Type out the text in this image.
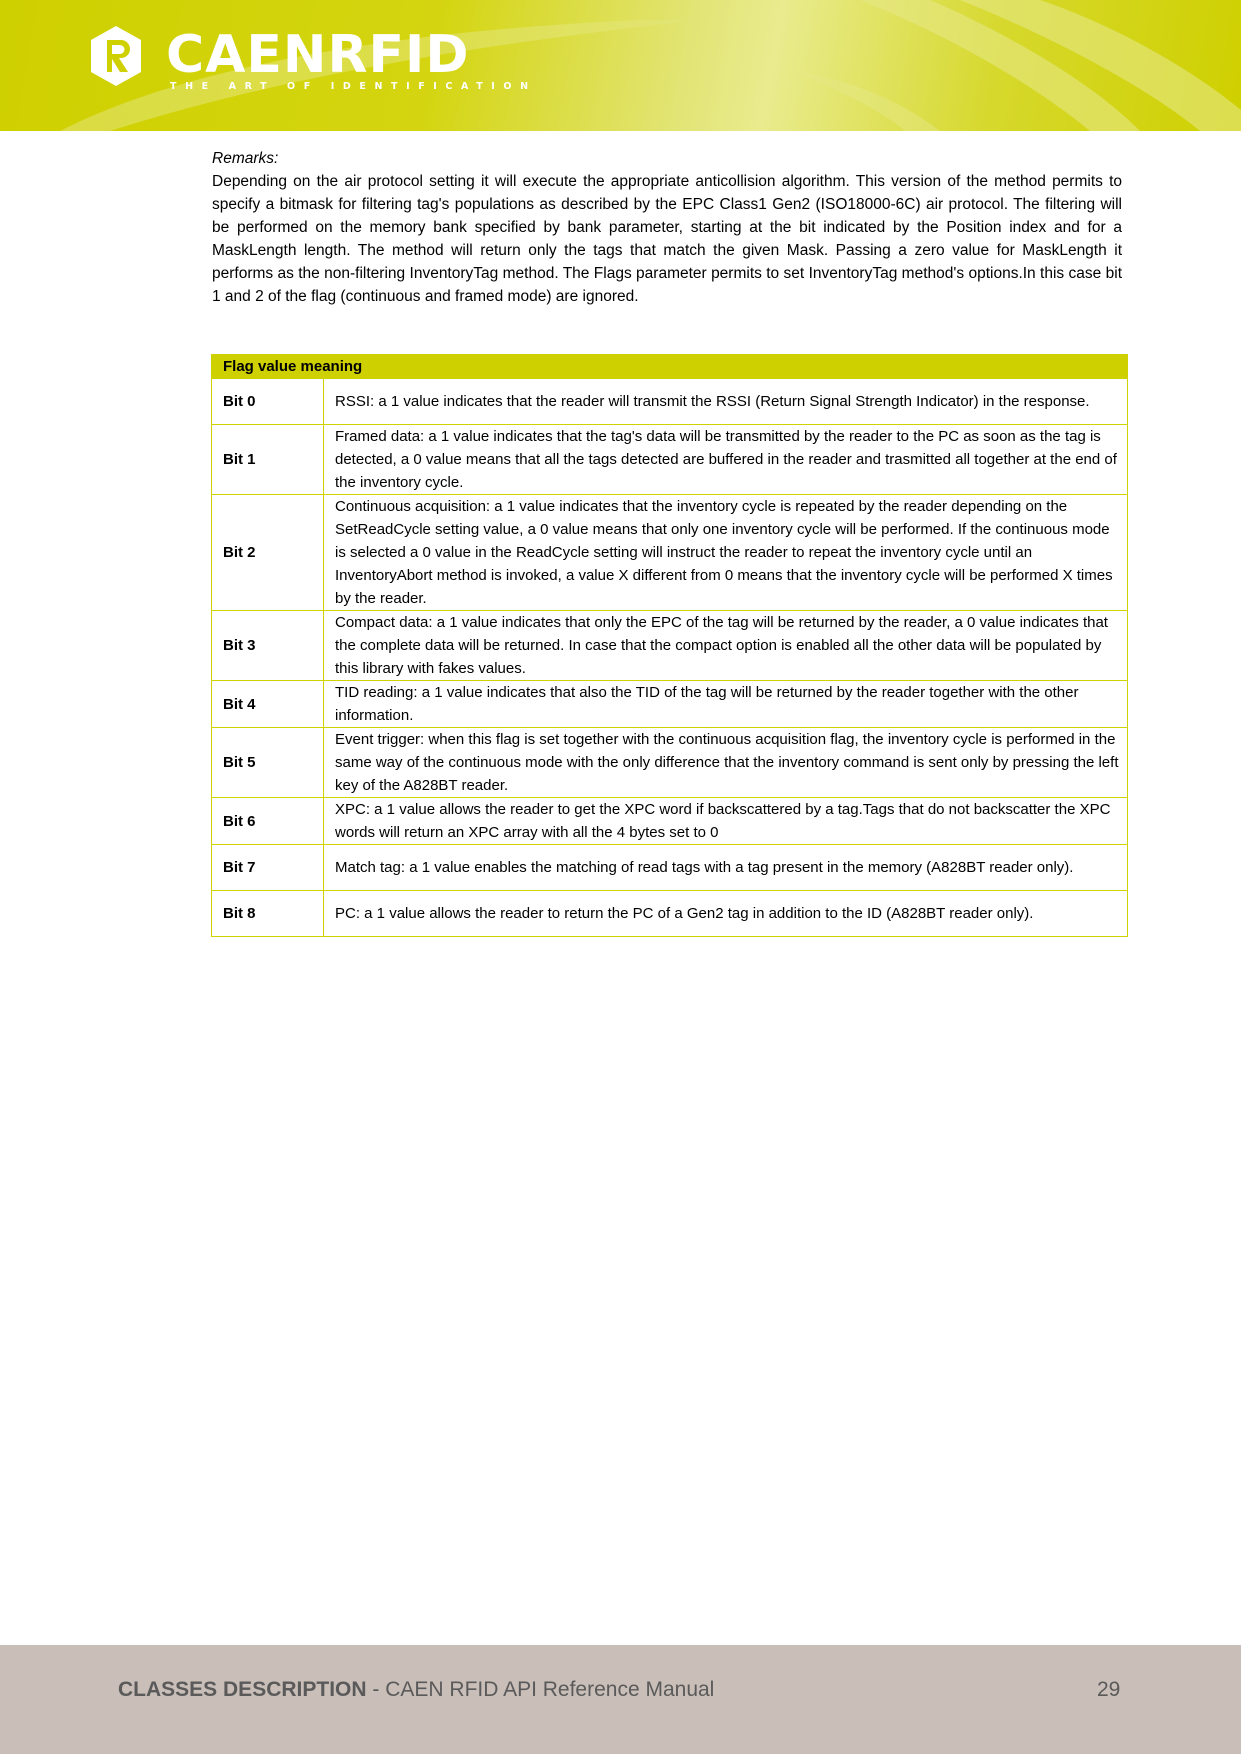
CAENRFID
THE ART OF IDENTIFICATION
Remarks:

Depending on the air protocol setting it will execute the appropriate anticollision algorithm. This version of the method permits to specify a bitmask for filtering tag's populations as described by the EPC Class1 Gen2 (ISO18000-6C) air protocol. The filtering will be performed on the memory bank specified by bank parameter, starting at the bit indicated by the Position index and for a MaskLength length. The method will return only the tags that match the given Mask. Passing a zero value for MaskLength it performs as the non-filtering InventoryTag method. The Flags parameter permits to set InventoryTag method's options.In this case bit 1 and 2 of the flag (continuous and framed mode) are ignored.

Flag value meaning	
Bit 0	RSSI: a 1 value indicates that the reader will transmit the RSSI (Return Signal Strength Indicator) in the response.
Bit 1	Framed data: a 1 value indicates that the tag's data will be transmitted by the reader to the PC as soon as the tag is detected, a 0 value means that all the tags detected are buffered in the reader and trasmitted all together at the end of the inventory cycle.
Bit 2	Continuous acquisition: a 1 value indicates that the inventory cycle is repeated by the reader depending on the SetReadCycle setting value, a 0 value means that only one inventory cycle will be performed. If the continuous mode is selected a 0 value in the ReadCycle setting will instruct the reader to repeat the inventory cycle until an InventoryAbort method is invoked, a value X different from 0 means that the inventory cycle will be performed X times by the reader.
Bit 3	Compact data: a 1 value indicates that only the EPC of the tag will be returned by the reader, a 0 value indicates that the complete data will be returned. In case that the compact option is enabled all the other data will be populated by this library with fakes values.
Bit 4	TID reading: a 1 value indicates that also the TID of the tag will be returned by the reader together with the other information.
Bit 5	Event trigger: when this flag is set together with the continuous acquisition flag, the inventory cycle is performed in the same way of the continuous mode with the only difference that the inventory command is sent only by pressing the left key of the A828BT reader.
Bit 6	XPC: a 1 value allows the reader to get the XPC word if backscattered by a tag.Tags that do not backscatter the XPC words will return an XPC array with all the 4 bytes set to 0
Bit 7	Match tag: a 1 value enables the matching of read tags with a tag present in the memory (A828BT reader only).
Bit 8	PC: a 1 value allows the reader to return the PC of a Gen2 tag in addition to the ID (A828BT reader only).
CLASSES DESCRIPTION - CAEN RFID API Reference Manual	29
